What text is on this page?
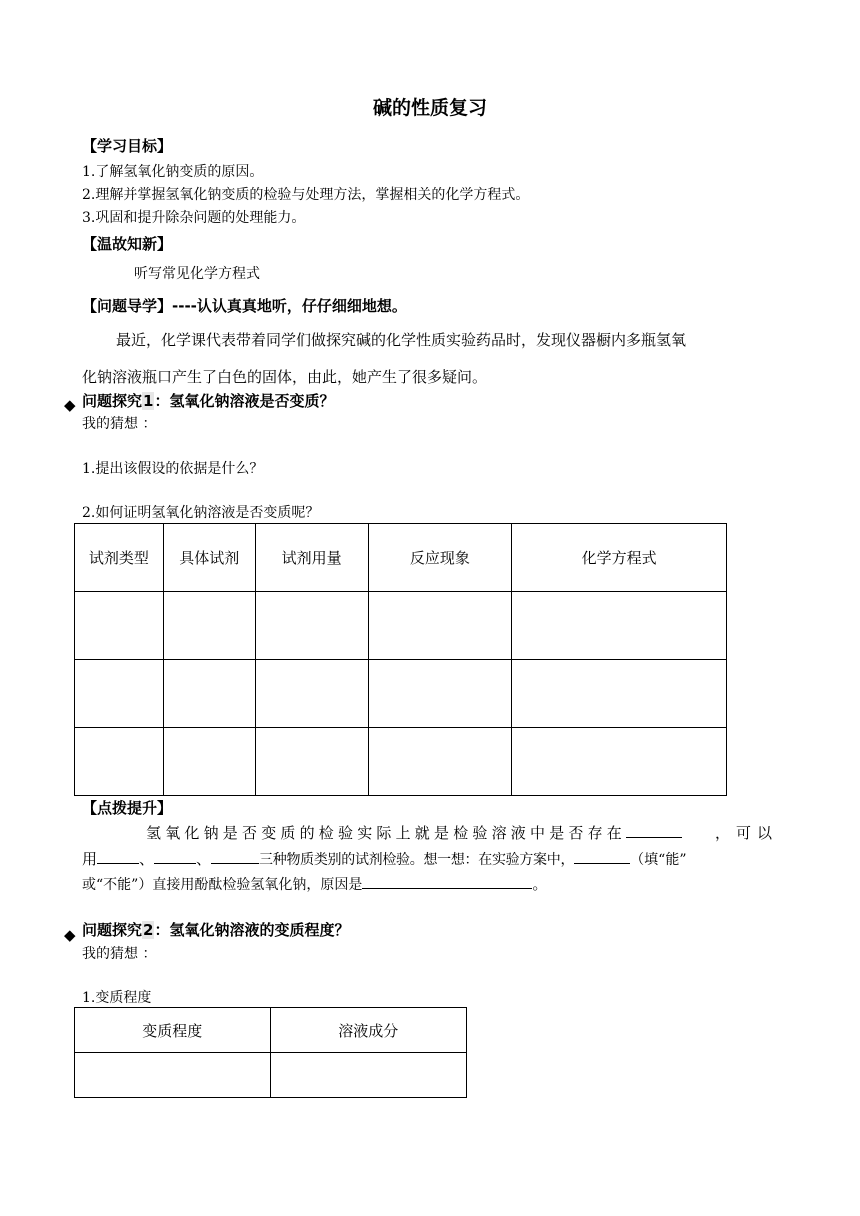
碱的性质复习
【学习目标】
1.了解氢氧化钠变质的原因。
2.理解并掌握氢氧化钠变质的检验与处理方法，掌握相关的化学方程式。
3.巩固和提升除杂问题的处理能力。
【温故知新】
听写常见化学方程式
【问题导学】----认认真真地听，仔仔细细地想。
最近，化学课代表带着同学们做探究碱的化学性质实验药品时，发现仪器橱内多瓶氢氧
化钠溶液瓶口产生了白色的固体，由此，她产生了很多疑问。
◆ 问题探究1：氢氧化钠溶液是否变质？
我的猜想 ：
1.提出该假设的依据是什么？
2.如何证明氢氧化钠溶液是否变质呢？
试剂类型	具体试剂	试剂用量	反应现象	化学方程式

【点拨提升】
氢氧化钠是否变质的检验实际上就是检验溶液中是否存在	，可以
用	、	、	三种物质类别的试剂检验。想一想：在实验方案中，	（填“能”
或“不能”）直接用酚酞检验氢氧化钠，原因是	。
◆ 问题探究2：氢氧化钠溶液的变质程度？
我的猜想 ：
1.变质程度
变质程度	溶液成分
